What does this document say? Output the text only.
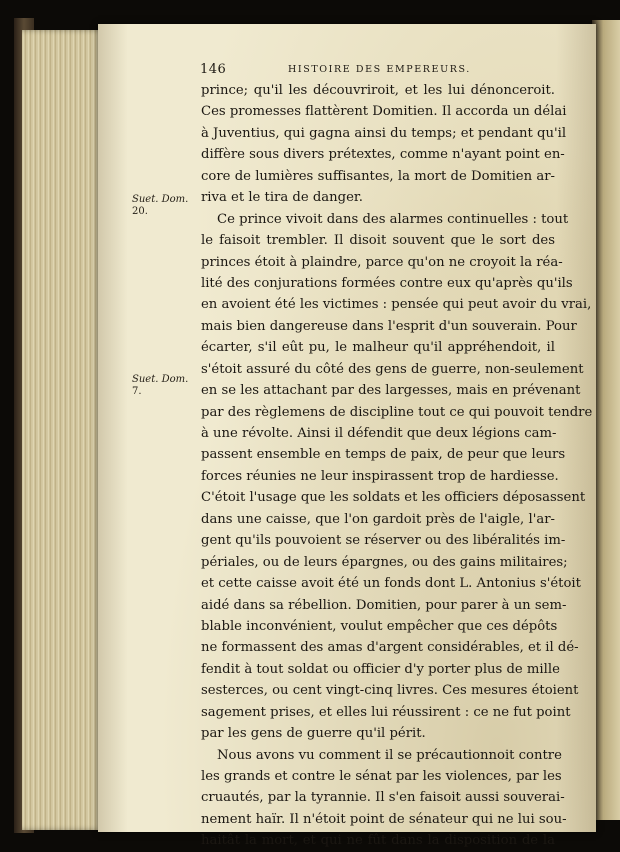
146	HISTOIRE DES EMPEREURS.
Suet. Dom.
20.
Suet. Dom.
7.
prince; qu'il les découvriroit, et les lui dénonceroit.
Ces promesses flattèrent Domitien. Il accorda un délai
à Juventius, qui gagna ainsi du temps; et pendant qu'il
diffère sous divers prétextes, comme n'ayant point en-
core de lumières suffisantes, la mort de Domitien ar-
riva et le tira de danger.
Ce prince vivoit dans des alarmes continuelles : tout
le faisoit trembler. Il disoit souvent que le sort des
princes étoit à plaindre, parce qu'on ne croyoit la réa-
lité des conjurations formées contre eux qu'après qu'ils
en avoient été les victimes : pensée qui peut avoir du vrai,
mais bien dangereuse dans l'esprit d'un souverain. Pour
écarter, s'il eût pu, le malheur qu'il appréhendoit, il
s'étoit assuré du côté des gens de guerre, non-seulement
en se les attachant par des largesses, mais en prévenant
par des règlemens de discipline tout ce qui pouvoit tendre
à une révolte. Ainsi il défendit que deux légions cam-
passent ensemble en temps de paix, de peur que leurs
forces réunies ne leur inspirassent trop de hardiesse.
C'étoit l'usage que les soldats et les officiers déposassent
dans une caisse, que l'on gardoit près de l'aigle, l'ar-
gent qu'ils pouvoient se réserver ou des libéralités im-
périales, ou de leurs épargnes, ou des gains militaires;
et cette caisse avoit été un fonds dont L. Antonius s'étoit
aidé dans sa rébellion. Domitien, pour parer à un sem-
blable inconvénient, voulut empêcher que ces dépôts
ne formassent des amas d'argent considérables, et il dé-
fendit à tout soldat ou officier d'y porter plus de mille
sesterces, ou cent vingt-cinq livres. Ces mesures étoient
sagement prises, et elles lui réussirent : ce ne fut point
par les gens de guerre qu'il périt.
Nous avons vu comment il se précautionnoit contre
les grands et contre le sénat par les violences, par les
cruautés, par la tyrannie. Il s'en faisoit aussi souverai-
nement haïr. Il n'étoit point de sénateur qui ne lui sou-
haitât la mort, et qui ne fût dans la disposition de la
